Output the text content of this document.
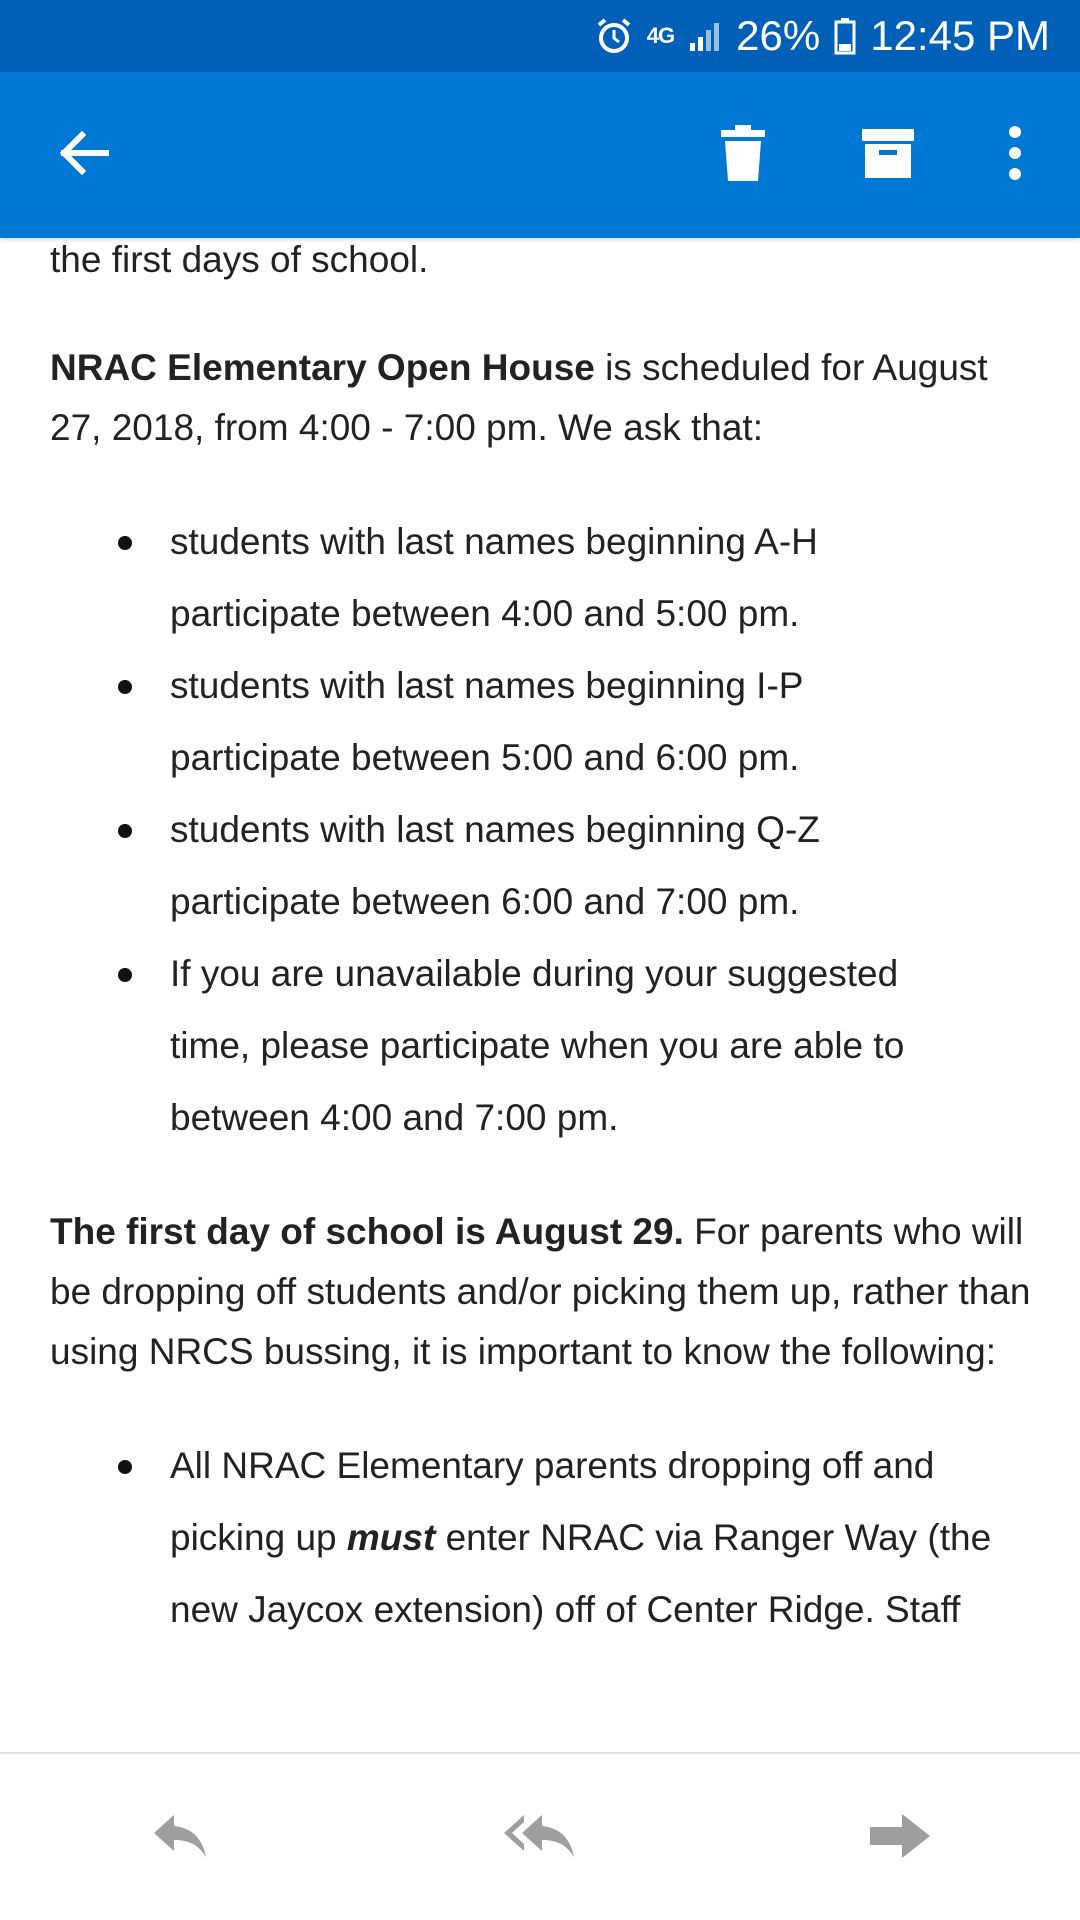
4G 26% 12:45 PM

the first days of school.

NRAC Elementary Open House is scheduled for August 27, 2018, from 4:00 - 7:00 pm. We ask that:

students with last names beginning A-H
participate between 4:00 and 5:00 pm.
students with last names beginning I-P
participate between 5:00 and 6:00 pm.
students with last names beginning Q-Z
participate between 6:00 and 7:00 pm.
If you are unavailable during your suggested
time, please participate when you are able to
between 4:00 and 7:00 pm.

The first day of school is August 29. For parents who will be dropping off students and/or picking them up, rather than using NRCS bussing, it is important to know the following:

All NRAC Elementary parents dropping off and picking up must enter NRAC via Ranger Way (the new Jaycox extension) off of Center Ridge. Staff
